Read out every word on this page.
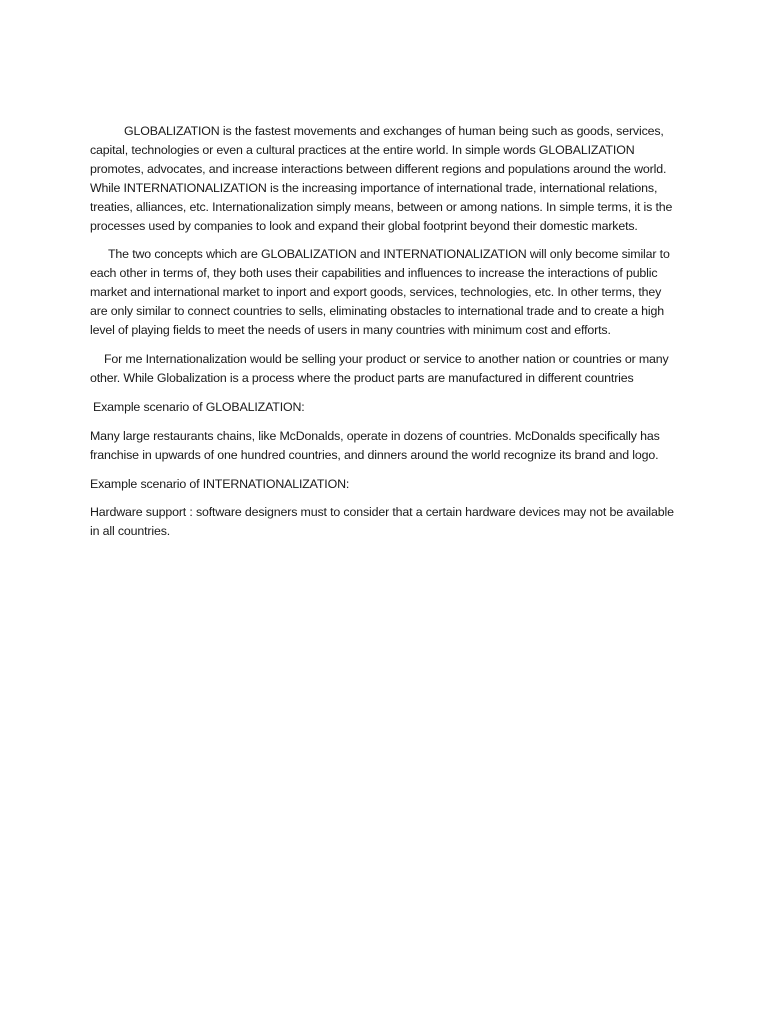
GLOBALIZATION is the fastest movements and exchanges of human being such as goods, services, capital, technologies or even a cultural practices at the entire world. In simple words GLOBALIZATION promotes, advocates, and increase interactions between different regions and populations around the world. While INTERNATIONALIZATION is the increasing importance of international trade, international relations, treaties, alliances, etc. Internationalization simply means, between or among nations. In simple terms, it is the processes used by companies to look and expand their global footprint beyond their domestic markets.

The two concepts which are GLOBALIZATION and INTERNATIONALIZATION will only become similar to each other in terms of, they both uses their capabilities and influences to increase the interactions of public market and international market to inport and export goods, services, technologies, etc. In other terms, they are only similar to connect countries to sells, eliminating obstacles to international trade and to create a high level of playing fields to meet the needs of users in many countries with minimum cost and efforts.

For me Internationalization would be selling your product or service to another nation or countries or many other. While Globalization is a process where the product parts are manufactured in different countries

Example scenario of GLOBALIZATION:

Many large restaurants chains, like McDonalds, operate in dozens of countries. McDonalds specifically has franchise in upwards of one hundred countries, and dinners around the world recognize its brand and logo.

Example scenario of INTERNATIONALIZATION:

Hardware support : software designers must to consider that a certain hardware devices may not be available in all countries.
